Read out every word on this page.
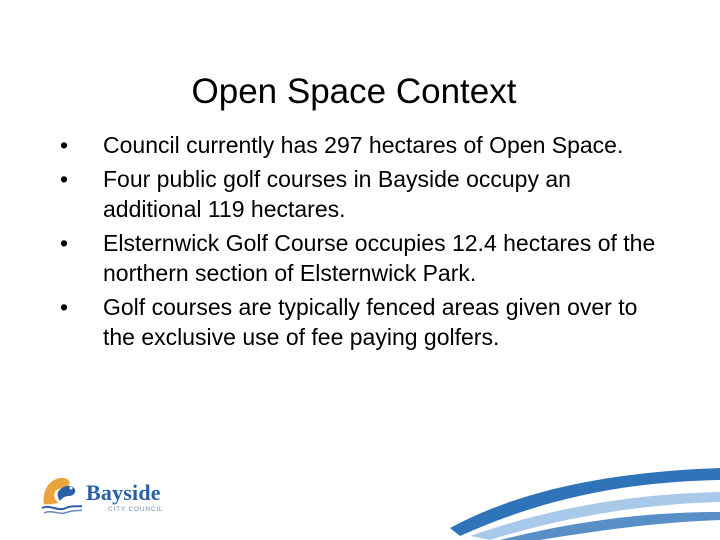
Open Space Context
•	Council currently has 297 hectares of Open Space.
•	Four public golf courses in Bayside occupy an additional 119 hectares.
•	Elsternwick Golf Course occupies 12.4 hectares of the northern section of Elsternwick Park.
•	Golf courses are typically fenced areas given over to the exclusive use of fee paying golfers.
Bayside
CITY COUNCIL
